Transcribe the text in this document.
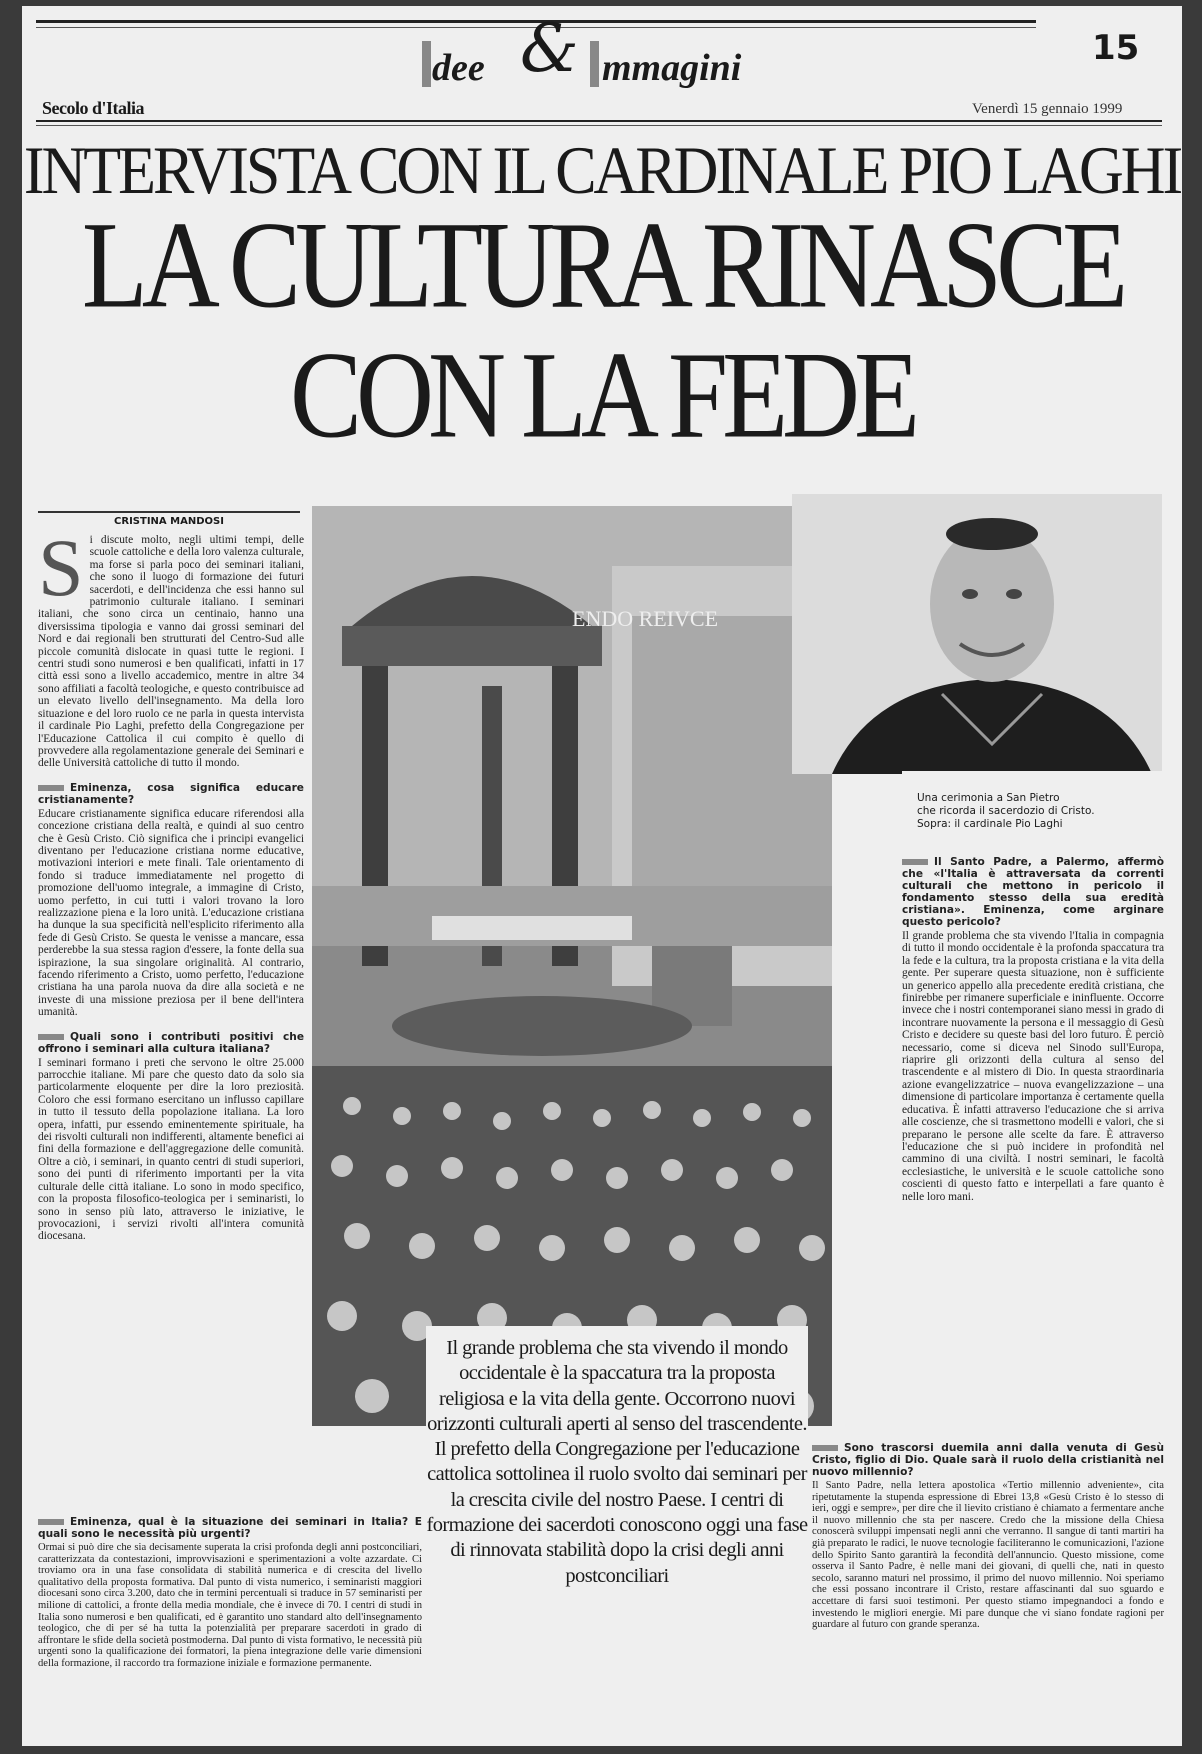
dee & mmagini	15
Secolo d'Italia	Venerdì 15 gennaio 1999
INTERVISTA CON IL CARDINALE PIO LAGHI
LA CULTURA RINASCE
CON LA FEDE
CRISTINA MANDOSI

Si discute molto, negli ultimi tempi, delle scuole cattoliche e della loro valenza culturale, ma forse si parla poco dei seminari italiani, che sono il luogo di formazione dei futuri sacerdoti, e dell'incidenza che essi hanno sul patrimonio culturale italiano. I seminari italiani, che sono circa un centinaio, hanno una diversissima tipologia e vanno dai grossi seminari del Nord e dai regionali ben strutturati del Centro-Sud alle piccole comunità dislocate in quasi tutte le regioni. I centri studi sono numerosi e ben qualificati, infatti in 17 città essi sono a livello accademico, mentre in altre 34 sono affiliati a facoltà teologiche, e questo contribuisce ad un elevato livello dell'insegnamento. Ma della loro situazione e del loro ruolo ce ne parla in questa intervista il cardinale Pio Laghi, prefetto della Congregazione per l'Educazione Cattolica il cui compito è quello di provvedere alla regolamentazione generale dei Seminari e delle Università cattoliche di tutto il mondo.

Eminenza, cosa significa educare cristianamente?

Educare cristianamente significa educare riferendosi alla concezione cristiana della realtà, e quindi al suo centro che è Gesù Cristo. Ciò significa che i principi evangelici diventano per l'educazione cristiana norme educative, motivazioni interiori e mete finali. Tale orientamento di fondo si traduce immediatamente nel progetto di promozione dell'uomo integrale, a immagine di Cristo, uomo perfetto, in cui tutti i valori trovano la loro realizzazione piena e la loro unità. L'educazione cristiana ha dunque la sua specificità nell'esplicito riferimento alla fede di Gesù Cristo. Se questa le venisse a mancare, essa perderebbe la sua stessa ragion d'essere, la fonte della sua ispirazione, la sua singolare originalità. Al contrario, facendo riferimento a Cristo, uomo perfetto, l'educazione cristiana ha una parola nuova da dire alla società e ne investe di una missione preziosa per il bene dell'intera umanità.

Quali sono i contributi positivi che offrono i seminari alla cultura italiana?

I seminari formano i preti che servono le oltre 25.000 parrocchie italiane. Mi pare che questo dato da solo sia particolarmente eloquente per dire la loro preziosità. Coloro che essi formano esercitano un influsso capillare in tutto il tessuto della popolazione italiana. La loro opera, infatti, pur essendo eminentemente spirituale, ha dei risvolti culturali non indifferenti, altamente benefici ai fini della formazione e dell'aggregazione delle comunità. Oltre a ciò, i seminari, in quanto centri di studi superiori, sono dei punti di riferimento importanti per la vita culturale delle città italiane. Lo sono in modo specifico, con la proposta filosofico-teologica per i seminaristi, lo sono in senso più lato, attraverso le iniziative, le provocazioni, i servizi rivolti all'intera comunità diocesana.

Eminenza, qual è la situazione dei seminari in Italia? E quali sono le necessità più urgenti?

Ormai si può dire che sia decisamente superata la crisi profonda degli anni postconciliari, caratterizzata da contestazioni, improvvisazioni e sperimentazioni a volte azzardate. Ci troviamo ora in una fase consolidata di stabilità numerica e di crescita del livello qualitativo della proposta formativa. Dal punto di vista numerico, i seminaristi maggiori diocesani sono circa 3.200, dato che in termini percentuali si traduce in 57 seminaristi per milione di cattolici, a fronte della media mondiale, che è invece di 70. I centri di studi in Italia sono numerosi e ben qualificati, ed è garantito uno standard alto dell'insegnamento teologico, che di per sé ha tutta la potenzialità per preparare sacerdoti in grado di affrontare le sfide della società postmoderna. Dal punto di vista formativo, le necessità più urgenti sono la qualificazione dei formatori, la piena integrazione delle varie dimensioni della formazione, il raccordo tra formazione iniziale e formazione permanente.

ENDO REIVCE
Una cerimonia a San Pietro
che ricorda il sacerdozio di Cristo.
Sopra: il cardinale Pio Laghi
Il Santo Padre, a Palermo, affermò che «l'Italia è attraversata da correnti culturali che mettono in pericolo il fondamento stesso della sua eredità cristiana». Eminenza, come arginare questo pericolo?

Il grande problema che sta vivendo l'Italia in compagnia di tutto il mondo occidentale è la profonda spaccatura tra la fede e la cultura, tra la proposta cristiana e la vita della gente. Per superare questa situazione, non è sufficiente un generico appello alla precedente eredità cristiana, che finirebbe per rimanere superficiale e ininfluente. Occorre invece che i nostri contemporanei siano messi in grado di incontrare nuovamente la persona e il messaggio di Gesù Cristo e decidere su queste basi del loro futuro. È perciò necessario, come si diceva nel Sinodo sull'Europa, riaprire gli orizzonti della cultura al senso del trascendente e al mistero di Dio. In questa straordinaria azione evangelizzatrice – nuova evangelizzazione – una dimensione di particolare importanza è certamente quella educativa. È infatti attraverso l'educazione che si arriva alle coscienze, che si trasmettono modelli e valori, che si preparano le persone alle scelte da fare. È attraverso l'educazione che si può incidere in profondità nel cammino di una civiltà. I nostri seminari, le facoltà ecclesiastiche, le università e le scuole cattoliche sono coscienti di questo fatto e interpellati a fare quanto è nelle loro mani.

Sono trascorsi duemila anni dalla venuta di Gesù Cristo, figlio di Dio. Quale sarà il ruolo della cristianità nel nuovo millennio?

Il Santo Padre, nella lettera apostolica «Tertio millennio adveniente», cita ripetutamente la stupenda espressione di Ebrei 13,8 «Gesù Cristo è lo stesso di ieri, oggi e sempre», per dire che il lievito cristiano è chiamato a fermentare anche il nuovo millennio che sta per nascere. Credo che la missione della Chiesa conoscerà sviluppi impensati negli anni che verranno. Il sangue di tanti martiri ha già preparato le radici, le nuove tecnologie faciliteranno le comunicazioni, l'azione dello Spirito Santo garantirà la fecondità dell'annuncio. Questo missione, come osserva il Santo Padre, è nelle mani dei giovani, di quelli che, nati in questo secolo, saranno maturi nel prossimo, il primo del nuovo millennio. Noi speriamo che essi possano incontrare il Cristo, restare affascinanti dal suo sguardo e accettare di farsi suoi testimoni. Per questo stiamo impegnandoci a fondo e investendo le migliori energie. Mi pare dunque che vi siano fondate ragioni per guardare al futuro con grande speranza.

Il grande problema che sta vivendo il mondo occidentale è la spaccatura tra la proposta religiosa e la vita della gente. Occorrono nuovi orizzonti culturali aperti al senso del trascendente. Il prefetto della Congregazione per l'educazione cattolica sottolinea il ruolo svolto dai seminari per la crescita civile del nostro Paese. I centri di formazione dei sacerdoti conoscono oggi una fase di rinnovata stabilità dopo la crisi degli anni postconciliari
